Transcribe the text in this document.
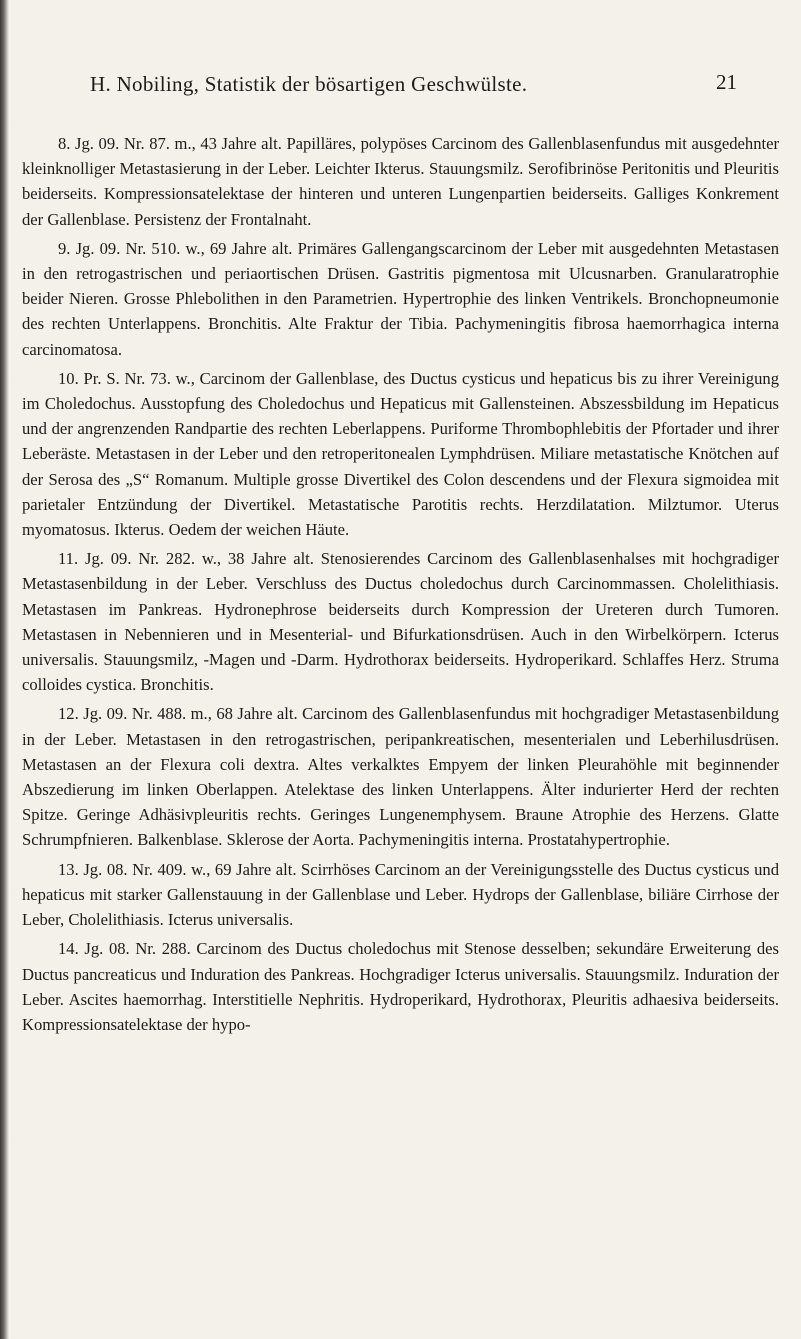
H. Nobiling, Statistik der bösartigen Geschwülste.	21

8. Jg. 09. Nr. 87. m., 43 Jahre alt. Papilläres, polypöses Carcinom des Gallenblasenfundus mit ausgedehnter kleinknolliger Metastasierung in der Leber. Leichter Ikterus. Stauungsmilz. Serofibrinöse Peritonitis und Pleuritis beiderseits. Kompressionsatelektase der hinteren und unteren Lungenpartien beiderseits. Galliges Konkrement der Gallenblase. Persistenz der Frontalnaht.

9. Jg. 09. Nr. 510. w., 69 Jahre alt. Primäres Gallengangscarcinom der Leber mit ausgedehnten Metastasen in den retrogastrischen und periaortischen Drüsen. Gastritis pigmentosa mit Ulcusnarben. Granularatrophie beider Nieren. Grosse Phlebolithen in den Parametrien. Hypertrophie des linken Ventrikels. Bronchopneumonie des rechten Unterlappens. Bronchitis. Alte Fraktur der Tibia. Pachymeningitis fibrosa haemorrhagica interna carcinomatosa.

10. Pr. S. Nr. 73. w., Carcinom der Gallenblase, des Ductus cysticus und hepaticus bis zu ihrer Vereinigung im Choledochus. Ausstopfung des Choledochus und Hepaticus mit Gallensteinen. Abszessbildung im Hepaticus und der angrenzenden Randpartie des rechten Leberlappens. Puriforme Thrombophlebitis der Pfortader und ihrer Leberäste. Metastasen in der Leber und den retroperitonealen Lymphdrüsen. Miliare metastatische Knötchen auf der Serosa des „S“ Romanum. Multiple grosse Divertikel des Colon descendens und der Flexura sigmoidea mit parietaler Entzündung der Divertikel. Metastatische Parotitis rechts. Herzdilatation. Milztumor. Uterus myomatosus. Ikterus. Oedem der weichen Häute.

11. Jg. 09. Nr. 282. w., 38 Jahre alt. Stenosierendes Carcinom des Gallenblasenhalses mit hochgradiger Metastasenbildung in der Leber. Verschluss des Ductus choledochus durch Carcinommassen. Cholelithiasis. Metastasen im Pankreas. Hydronephrose beiderseits durch Kompression der Ureteren durch Tumoren. Metastasen in Nebennieren und in Mesenterial- und Bifurkationsdrüsen. Auch in den Wirbelkörpern. Icterus universalis. Stauungsmilz, -Magen und -Darm. Hydrothorax beiderseits. Hydroperikard. Schlaffes Herz. Struma colloides cystica. Bronchitis.

12. Jg. 09. Nr. 488. m., 68 Jahre alt. Carcinom des Gallenblasenfundus mit hochgradiger Metastasenbildung in der Leber. Metastasen in den retrogastrischen, peripankreatischen, mesenterialen und Leberhilusdrüsen. Metastasen an der Flexura coli dextra. Altes verkalktes Empyem der linken Pleurahöhle mit beginnender Abszedierung im linken Oberlappen. Atelektase des linken Unterlappens. Älter indurierter Herd der rechten Spitze. Geringe Adhäsivpleuritis rechts. Geringes Lungenemphysem. Braune Atrophie des Herzens. Glatte Schrumpfnieren. Balkenblase. Sklerose der Aorta. Pachymeningitis interna. Prostatahypertrophie.

13. Jg. 08. Nr. 409. w., 69 Jahre alt. Scirrhöses Carcinom an der Vereinigungsstelle des Ductus cysticus und hepaticus mit starker Gallenstauung in der Gallenblase und Leber. Hydrops der Gallenblase, biliäre Cirrhose der Leber, Cholelithiasis. Icterus universalis.

14. Jg. 08. Nr. 288. Carcinom des Ductus choledochus mit Stenose desselben; sekundäre Erweiterung des Ductus pancreaticus und Induration des Pankreas. Hochgradiger Icterus universalis. Stauungsmilz. Induration der Leber. Ascites haemorrhag. Interstitielle Nephritis. Hydroperikard, Hydrothorax, Pleuritis adhaesiva beiderseits. Kompressionsatelektase der hypo-
